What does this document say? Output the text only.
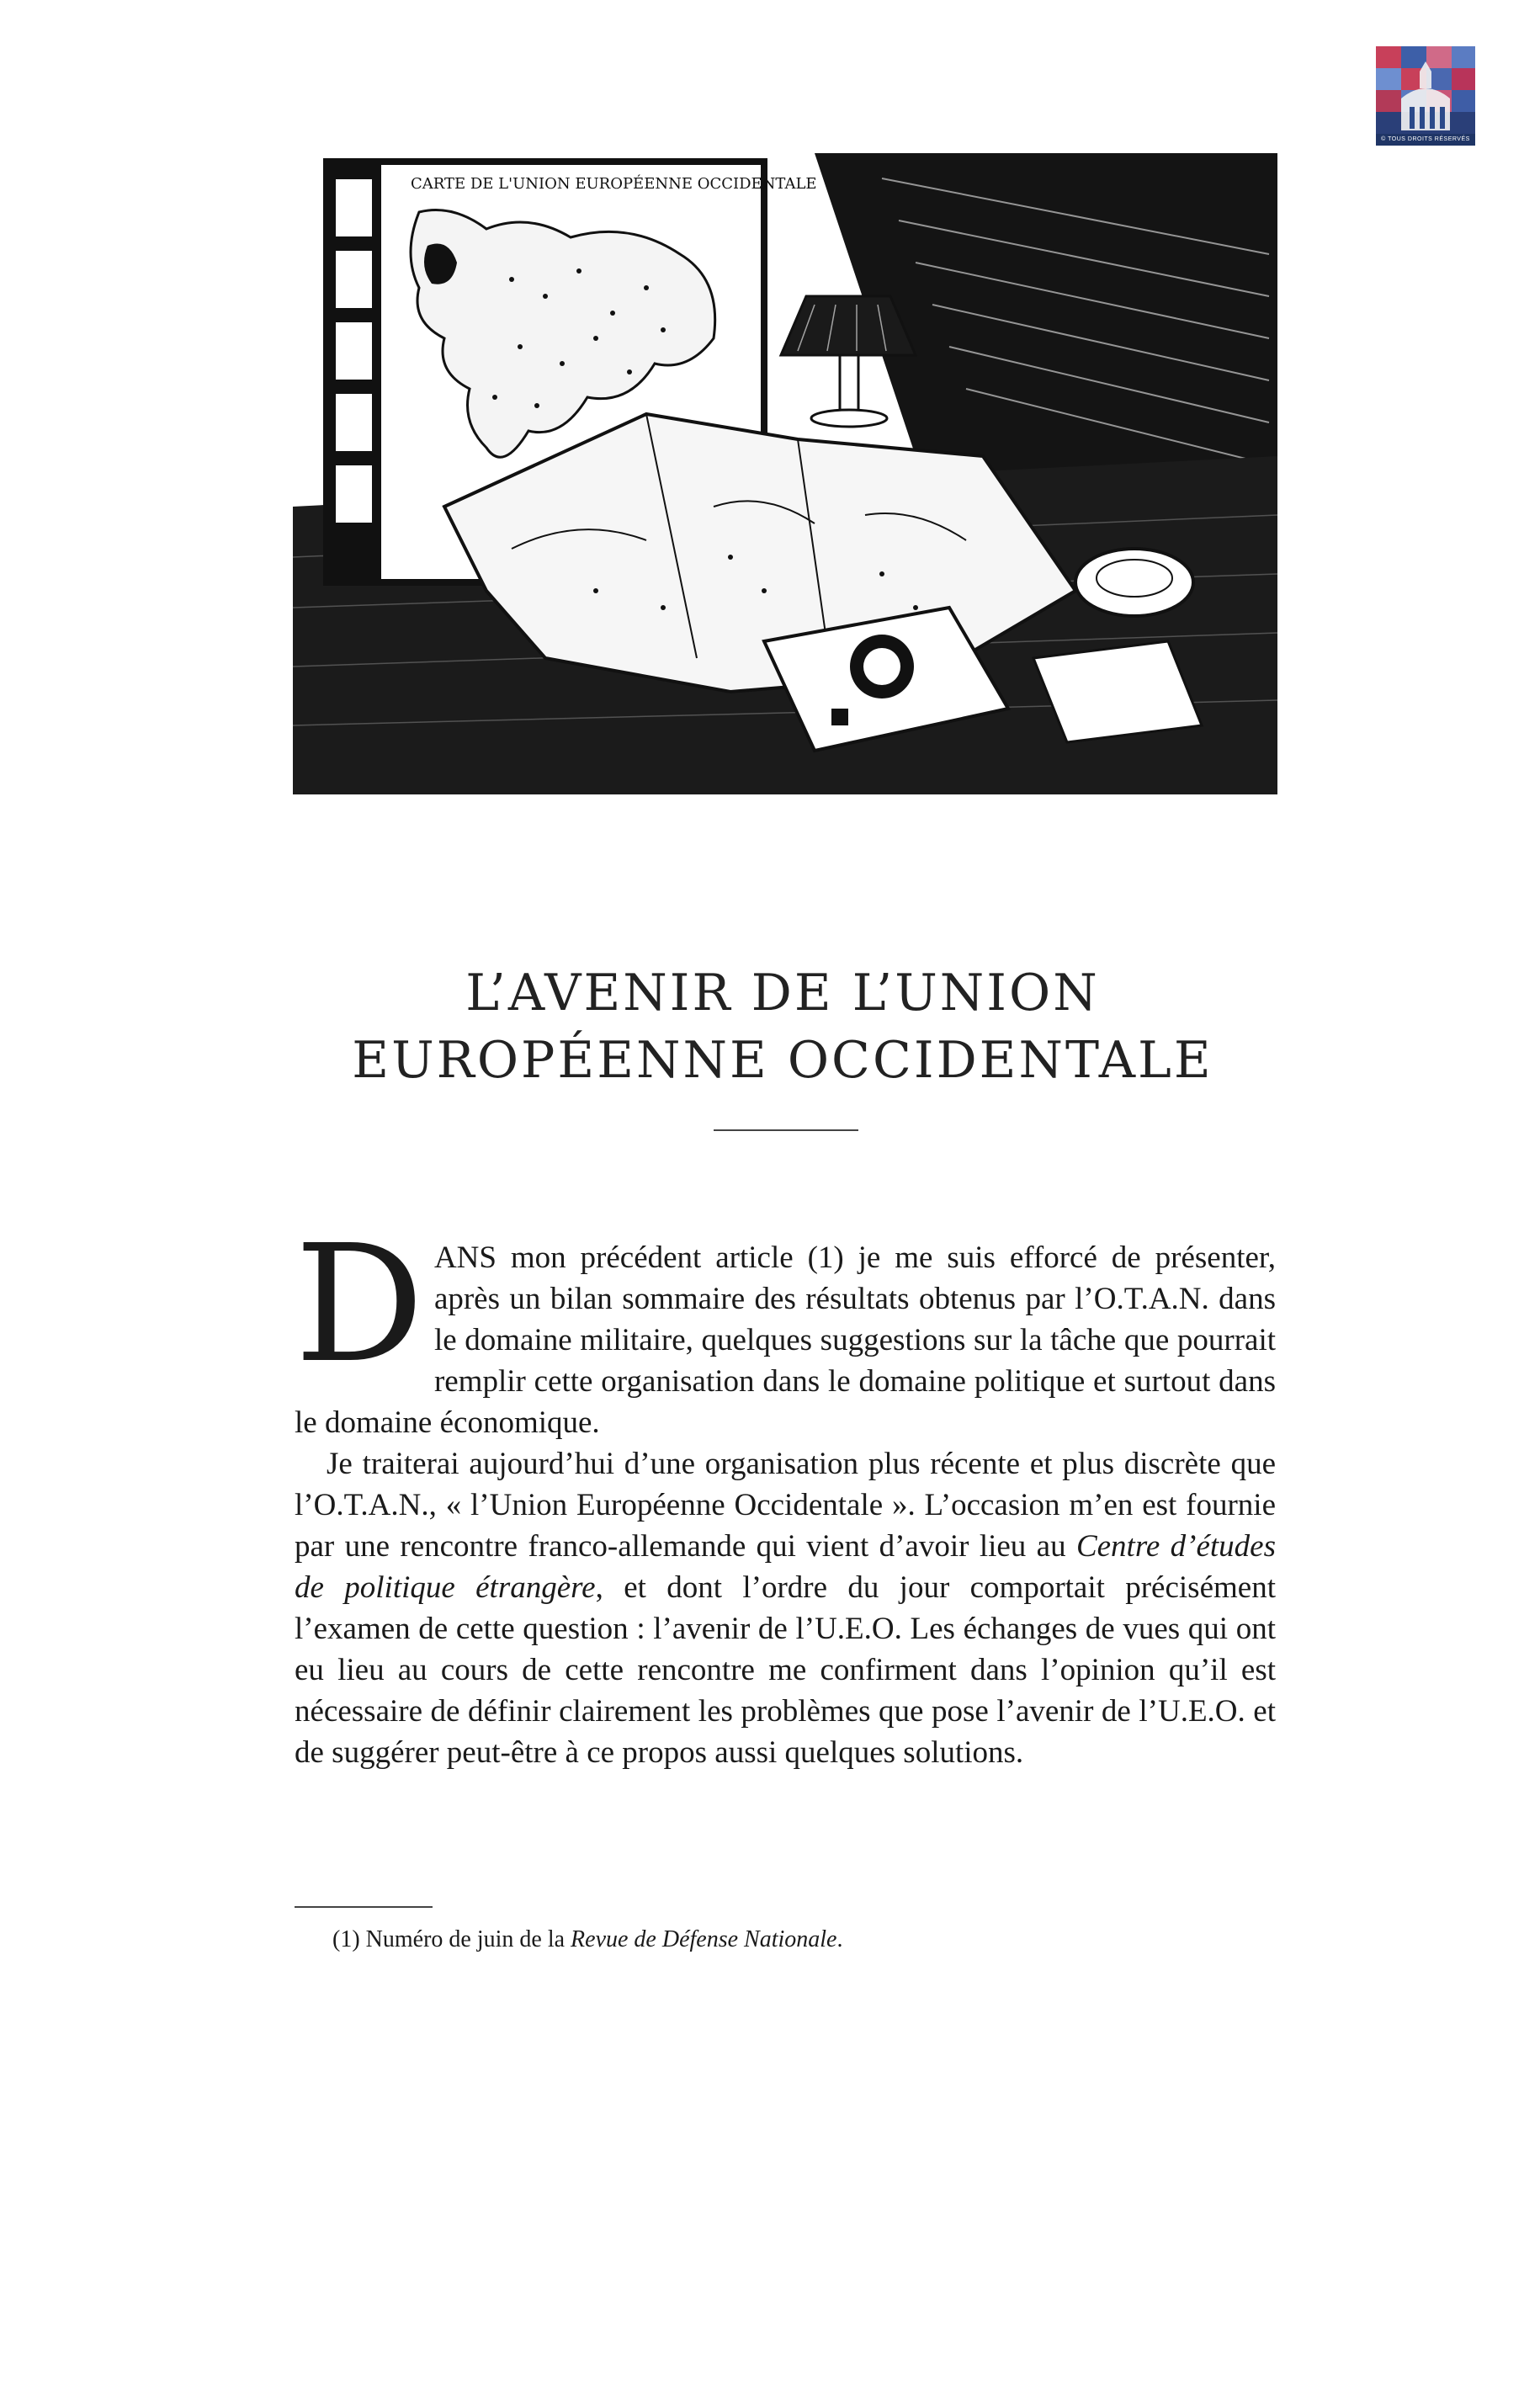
© TOUS DROITS RÉSERVÉS
CARTE DE L'UNION EUROPÉENNE OCCIDENTALE
L’AVENIR DE L’UNION
EUROPÉENNE OCCIDENTALE

DANS mon précédent article (1) je me suis efforcé de présenter, après un bilan sommaire des résultats obtenus par l’O.T.A.N. dans le domaine militaire, quelques suggestions sur la tâche que pourrait remplir cette organisation dans le domaine politique et surtout dans le domaine économique.

Je traiterai aujourd’hui d’une organisation plus récente et plus discrète que l’O.T.A.N., « l’Union Européenne Occidentale ». L’occasion m’en est fournie par une rencontre franco-allemande qui vient d’avoir lieu au Centre d’études de politique étrangère, et dont l’ordre du jour comportait précisément l’examen de cette question : l’avenir de l’U.E.O. Les échanges de vues qui ont eu lieu au cours de cette rencontre me confirment dans l’opinion qu’il est nécessaire de définir clairement les problèmes que pose l’avenir de l’U.E.O. et de suggérer peut-être à ce propos aussi quelques solutions.

(1) Numéro de juin de la Revue de Défense Nationale.
